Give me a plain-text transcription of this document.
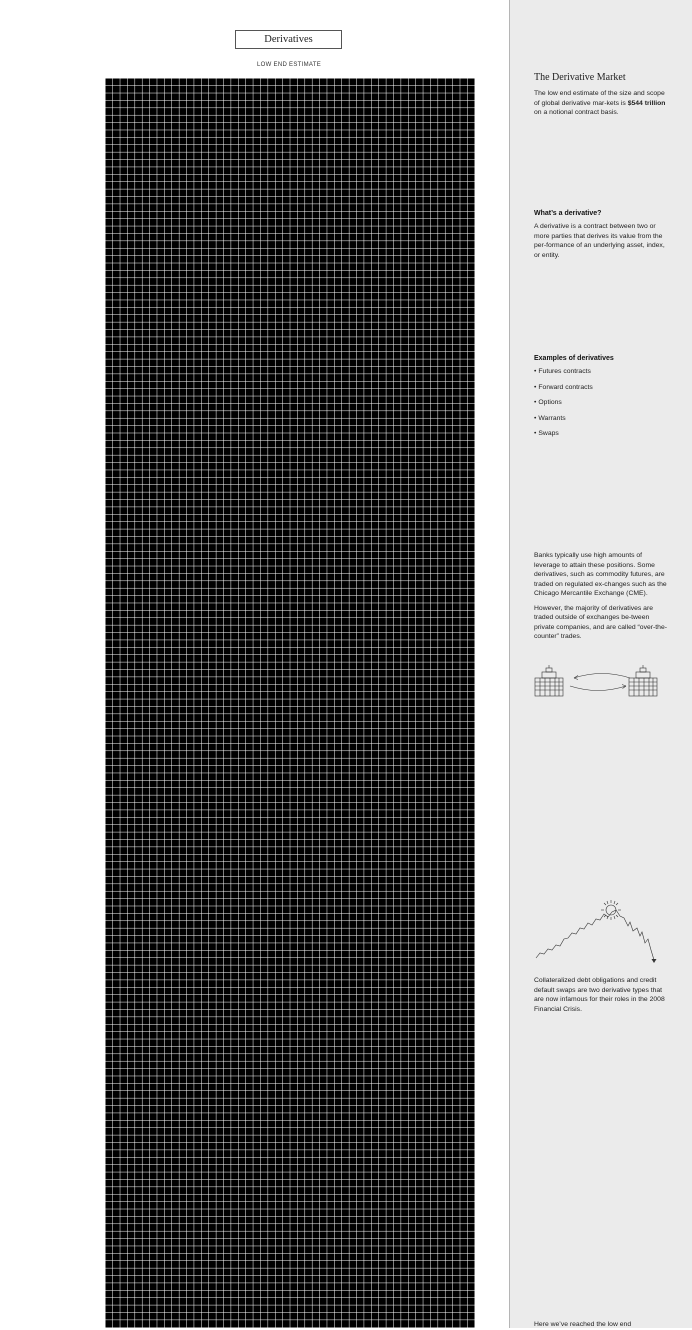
Derivatives
LOW END ESTIMATE
The Derivative Market

The low end estimate of the size and scope of global derivative mar-kets is $544 trillion on a notional contract basis.

What’s a derivative?

A derivative is a contract between two or more parties that derives its value from the per-formance of an underlying asset, index, or entity.

Examples of derivatives
• Futures contracts
• Forward contracts
• Options
• Warrants
• Swaps

Banks typically use high amounts of leverage to attain these positions. Some derivatives, such as commodity futures, are traded on regulated ex-changes such as the Chicago Mercantile Exchange (CME).

However, the majority of derivatives are traded outside of exchanges be-tween private companies, and are called “over-the-counter” trades.

Collateralized debt obligations and credit default swaps are two derivative types that are now infamous for their roles in the 2008 Financial Crisis.

Here we’ve reached the low end
